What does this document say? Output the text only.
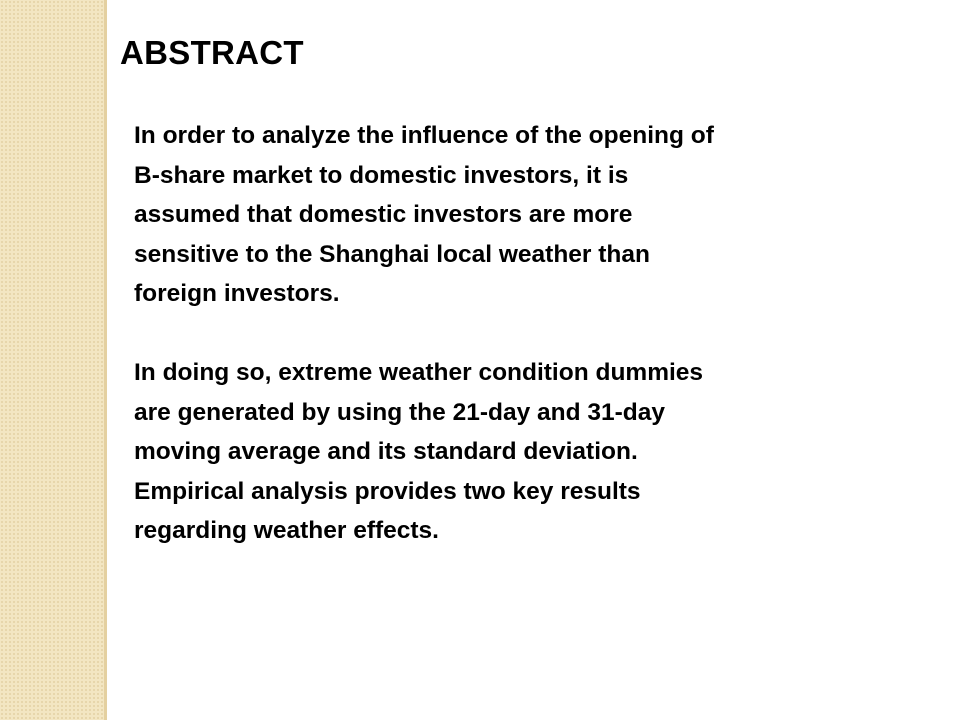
ABSTRACT

In order to analyze the influence of the opening of
B-share market to domestic investors, it is
assumed that domestic investors are more
sensitive to the Shanghai local weather than
foreign investors.

In doing so, extreme weather condition dummies
are generated by using the 21-day and 31-day
moving average and its standard deviation.
Empirical analysis provides two key results
regarding weather effects.
